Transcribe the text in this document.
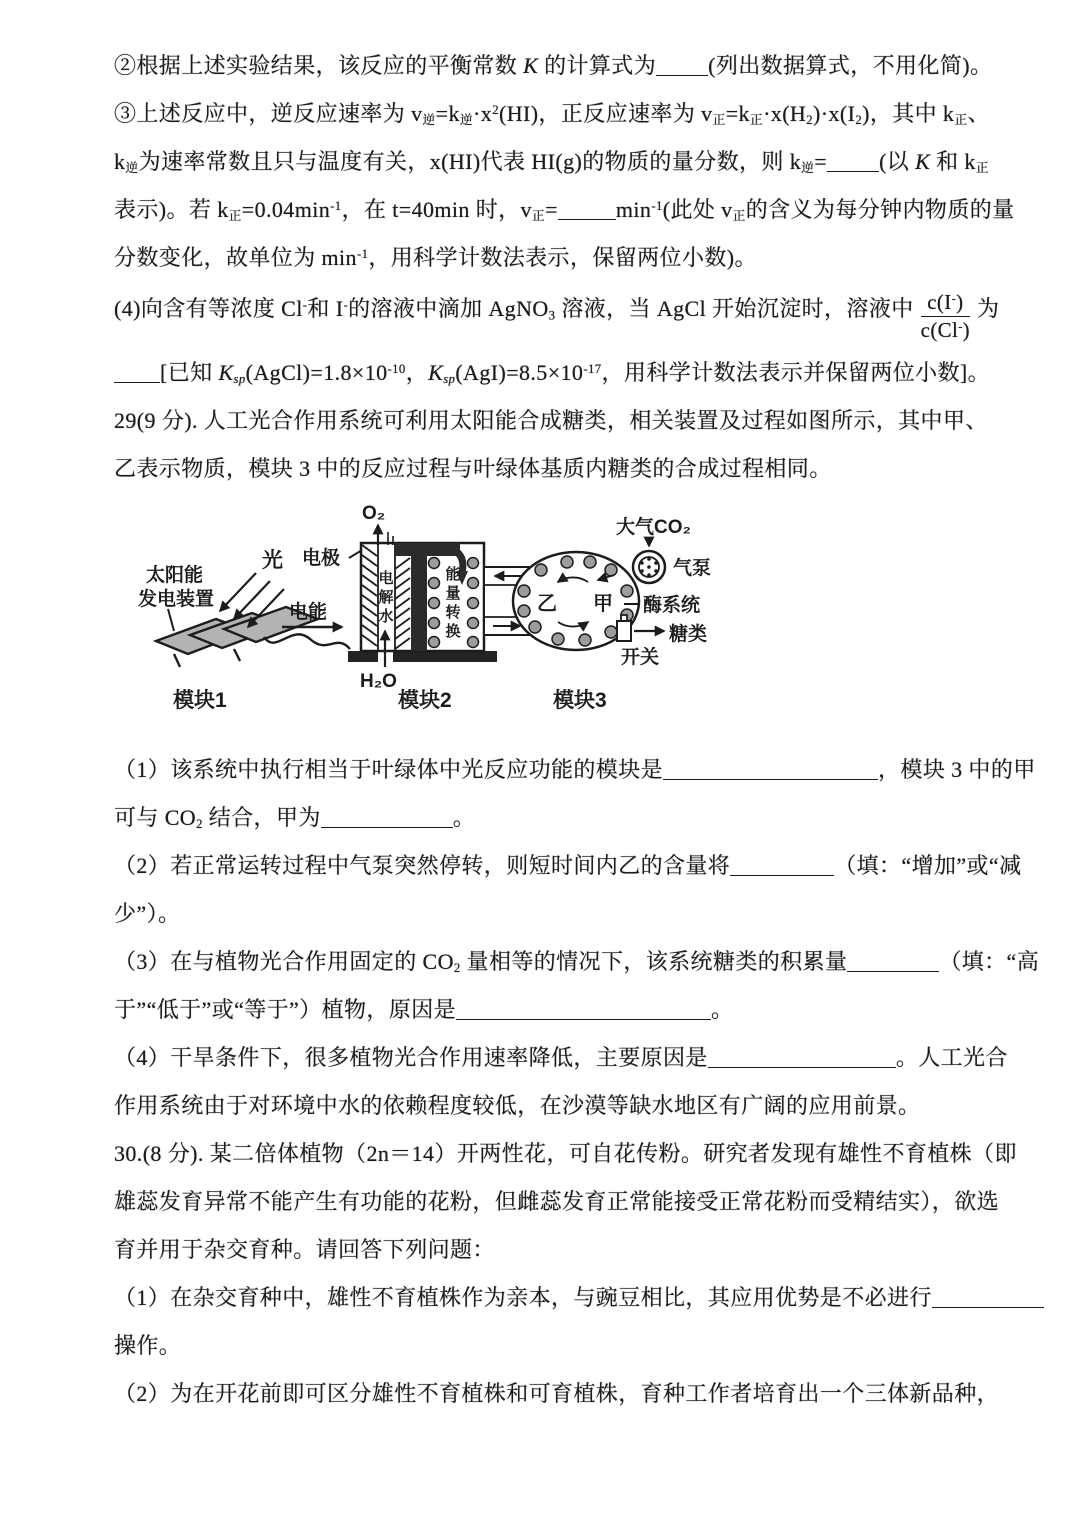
②根据上述实验结果，该反应的平衡常数 K 的计算式为 (列出数据算式，不用化简)。
③上述反应中，逆反应速率为 $v_逆=k_逆\cdot x^2(HI)$，正反应速率为 $v_正=k_正\cdot x(H_2)\cdot x(I_2)$，其中 $k_正$、
$k_逆$为速率常数且只与温度有关，x(HI)代表 HI(g)的物质的量分数，则 $k_逆=$ (以 K 和 $k_正$
表示)。若 $k_正=0.04\min^{-1}$，在 t=40min 时，$v_正=$	$\min^{-1}$(此处 $v_正$的含义为每分钟内物质的量
分数变化，故单位为 $\min^{-1}$，用科学计数法表示，保留两位小数)。
(4)向含有等浓度 Cl-和 I-的溶液中滴加 AgNO$_3$ 溶液，当 AgCl 开始沉淀时，溶液中 $\frac{c(I^-)}{c(Cl^-)}$ 为
[已知 $K_{sp}(AgCl)=1.8\times 10^{-10}$，$K_{sp}(AgI)=8.5\times 10^{-17}$，用科学计数法表示并保留两位小数]。
29(9 分). 人工光合作用系统可利用太阳能合成糖类，相关装置及过程如图所示，其中甲、
乙表示物质，模块 3 中的反应过程与叶绿体基质内糖类的合成过程相同。
太阳能
发电装置
光
电能
模块1
电
解
水
能
量
转
换
O₂
电极
H₂O
模块2
乙 甲
大气CO₂
气泵
酶系统
糖类
开关
模块3
（1）该系统中执行相当于叶绿体中光反应功能的模块是	，模块 3 中的甲
可与 $CO_2$ 结合，甲为	。
（2）若正常运转过程中气泵突然停转，则短时间内乙的含量将	（填：“增加”或“减
少”）。
（3）在与植物光合作用固定的 $CO_2$ 量相等的情况下，该系统糖类的积累量	（填：“高
于”“低于”或“等于”）植物，原因是	。
（4）干旱条件下，很多植物光合作用速率降低，主要原因是	。人工光合
作用系统由于对环境中水的依赖程度较低，在沙漠等缺水地区有广阔的应用前景。
30.(8 分). 某二倍体植物（2n＝14）开两性花，可自花传粉。研究者发现有雄性不育植株（即
雄蕊发育异常不能产生有功能的花粉，但雌蕊发育正常能接受正常花粉而受精结实），欲选
育并用于杂交育种。请回答下列问题：
（1）在杂交育种中，雄性不育植株作为亲本，与豌豆相比，其应用优势是不必进行
操作。
（2）为在开花前即可区分雄性不育植株和可育植株，育种工作者培育出一个三体新品种，
